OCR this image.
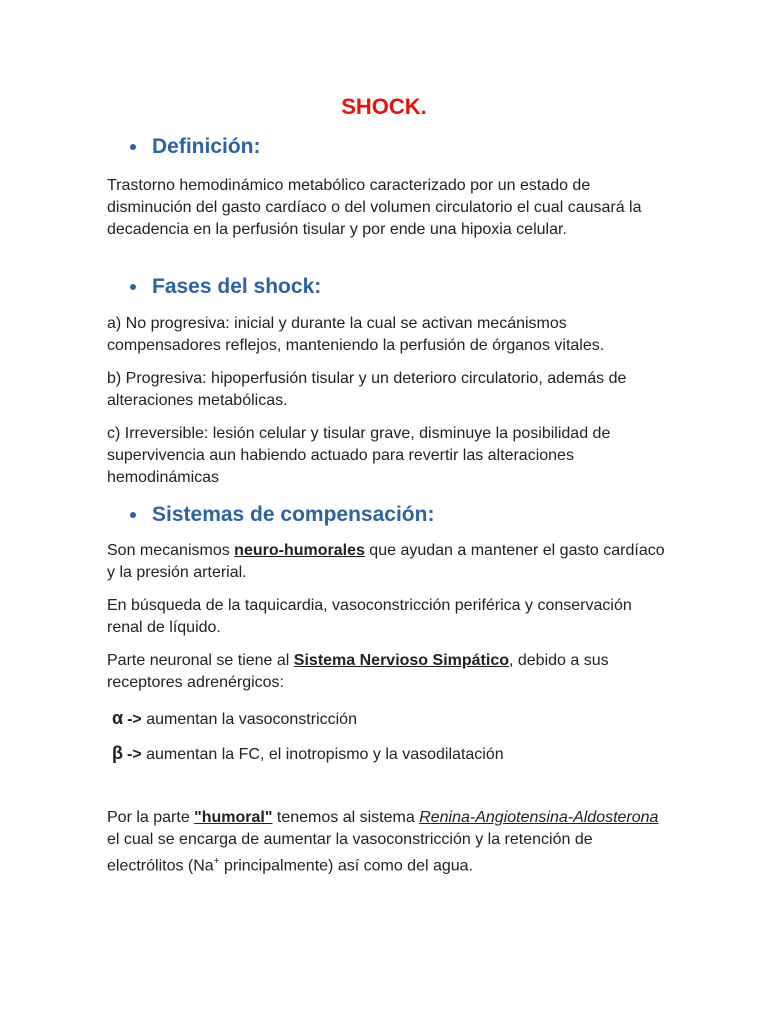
SHOCK.
Definición:

Trastorno hemodinámico metabólico caracterizado por un estado de disminución del gasto cardíaco o del volumen circulatorio el cual causará la decadencia en la perfusión tisular y por ende una hipoxia celular.

Fases del shock:

a) No progresiva: inicial y durante la cual se activan mecánismos compensadores reflejos, manteniendo la perfusión de órganos vitales.

b) Progresiva: hipoperfusión tisular y un deterioro circulatorio, además de alteraciones metabólicas.

c) Irreversible: lesión celular y tisular grave, disminuye la posibilidad de supervivencia aun habiendo actuado para revertir las alteraciones hemodinámicas

Sistemas de compensación:

Son mecanismos neuro-humorales que ayudan a mantener el gasto cardíaco y la presión arterial.

En búsqueda de la taquicardia, vasoconstricción periférica y conservación renal de líquido.

Parte neuronal se tiene al Sistema Nervioso Simpático, debido a sus receptores adrenérgicos:

α -> aumentan la vasoconstricción

β -> aumentan la FC, el inotropismo y la vasodilatación

Por la parte "humoral" tenemos al sistema Renina-Angiotensina-Aldosterona el cual se encarga de aumentar la vasoconstricción y la retención de electrólitos (Na+ principalmente) así como del agua.
